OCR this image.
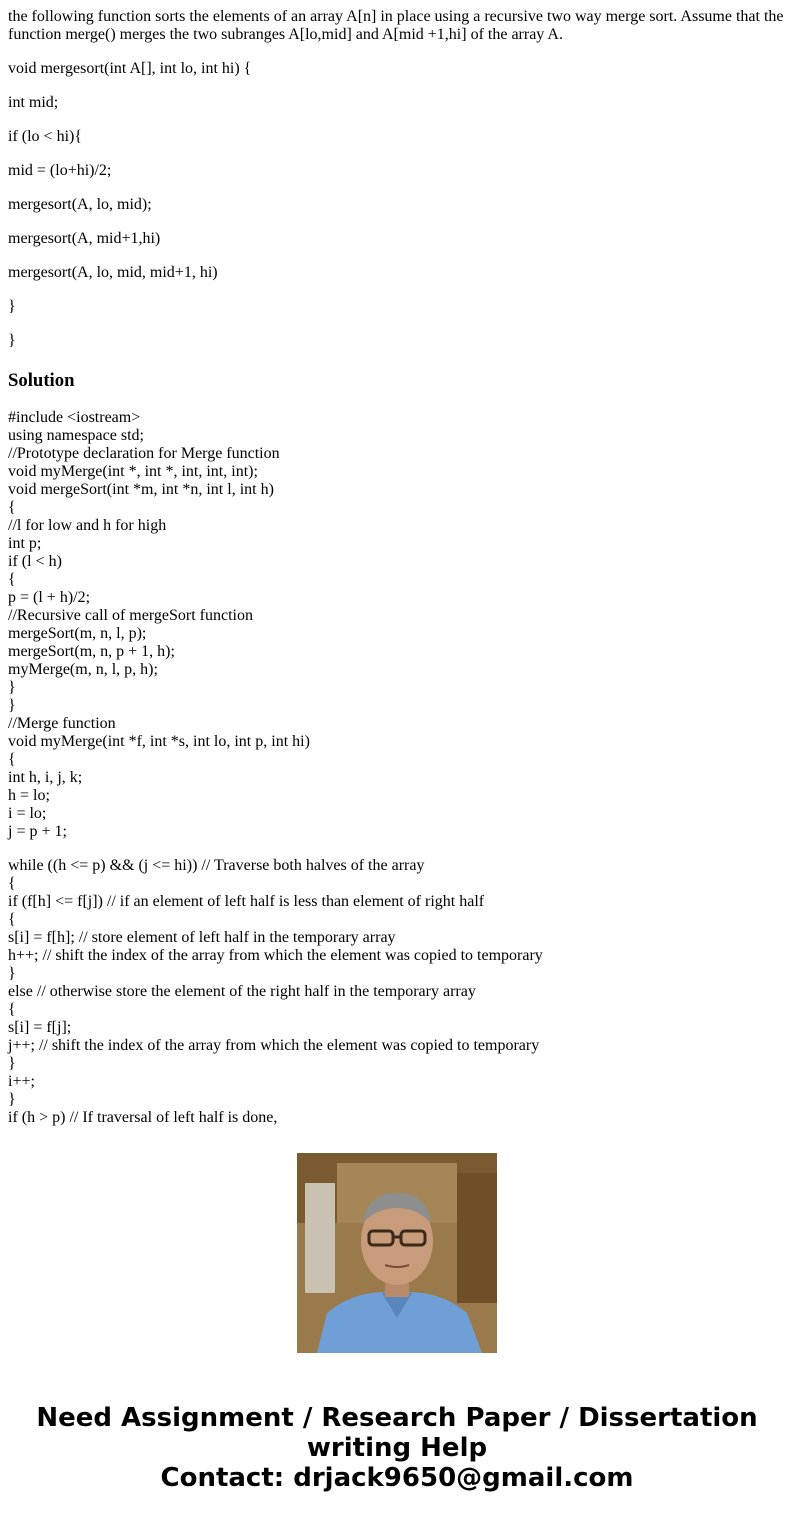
the following function sorts the elements of an array A[n] in place using a recursive two way merge sort. Assume that the function merge() merges the two subranges A[lo,mid] and A[mid +1,hi] of the array A.

void mergesort(int A[], int lo, int hi) {

int mid;

if (lo < hi){

mid = (lo+hi)/2;

mergesort(A, lo, mid);

mergesort(A, mid+1,hi)

mergesort(A, lo, mid, mid+1, hi)

}

}

Solution
#include <iostream>
using namespace std;
//Prototype declaration for Merge function
void myMerge(int *, int *, int, int, int);
void mergeSort(int *m, int *n, int l, int h)
{
//l for low and h for high
int p;
if (l < h)
{
p = (l + h)/2;
//Recursive call of mergeSort function
mergeSort(m, n, l, p);
mergeSort(m, n, p + 1, h);
myMerge(m, n, l, p, h);
}
}
//Merge function
void myMerge(int *f, int *s, int lo, int p, int hi)
{
int h, i, j, k;
h = lo;
i = lo;
j = p + 1;
while ((h <= p) && (j <= hi)) // Traverse both halves of the array
{
if (f[h] <= f[j]) // if an element of left half is less than element of right half
{
s[i] = f[h]; // store element of left half in the temporary array
h++; // shift the index of the array from which the element was copied to temporary
}
else // otherwise store the element of the right half in the temporary array
{
s[i] = f[j];
j++; // shift the index of the array from which the element was copied to temporary
}
i++;
}
if (h > p) // If traversal of left half is done,
Need Assignment / Research Paper / Dissertation
writing Help
Contact: drjack9650@gmail.com
